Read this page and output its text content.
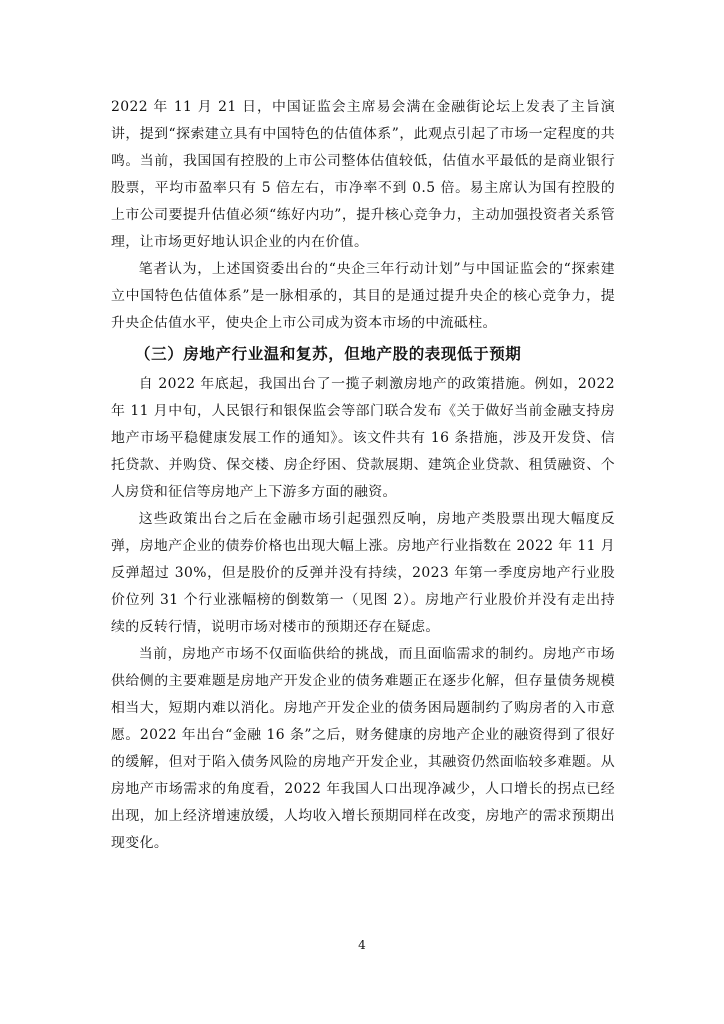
2022 年 11 月 21 日，中国证监会主席易会满在金融街论坛上发表了主旨演讲，提到“探索建立具有中国特色的估值体系”，此观点引起了市场一定程度的共鸣。当前，我国国有控股的上市公司整体估值较低，估值水平最低的是商业银行股票，平均市盈率只有 5 倍左右，市净率不到 0.5 倍。易主席认为国有控股的上市公司要提升估值必须“练好内功”，提升核心竞争力，主动加强投资者关系管理，让市场更好地认识企业的内在价值。

笔者认为，上述国资委出台的“央企三年行动计划”与中国证监会的“探索建立中国特色估值体系”是一脉相承的，其目的是通过提升央企的核心竞争力，提升央企估值水平，使央企上市公司成为资本市场的中流砥柱。

（三）房地产行业温和复苏，但地产股的表现低于预期

自 2022 年底起，我国出台了一揽子刺激房地产的政策措施。例如，2022 年 11 月中旬，人民银行和银保监会等部门联合发布《关于做好当前金融支持房地产市场平稳健康发展工作的通知》。该文件共有 16 条措施，涉及开发贷、信托贷款、并购贷、保交楼、房企纾困、贷款展期、建筑企业贷款、租赁融资、个人房贷和征信等房地产上下游多方面的融资。

这些政策出台之后在金融市场引起强烈反响，房地产类股票出现大幅度反弹，房地产企业的债券价格也出现大幅上涨。房地产行业指数在 2022 年 11 月反弹超过 30%，但是股价的反弹并没有持续，2023 年第一季度房地产行业股价位列 31 个行业涨幅榜的倒数第一（见图 2）。房地产行业股价并没有走出持续的反转行情，说明市场对楼市的预期还存在疑虑。

当前，房地产市场不仅面临供给的挑战，而且面临需求的制约。房地产市场供给侧的主要难题是房地产开发企业的债务难题正在逐步化解，但存量债务规模相当大，短期内难以消化。房地产开发企业的债务困局题制约了购房者的入市意愿。2022 年出台“金融 16 条”之后，财务健康的房地产企业的融资得到了很好的缓解，但对于陷入债务风险的房地产开发企业，其融资仍然面临较多难题。从房地产市场需求的角度看，2022 年我国人口出现净减少，人口增长的拐点已经出现，加上经济增速放缓，人均收入增长预期同样在改变，房地产的需求预期出现变化。

4
